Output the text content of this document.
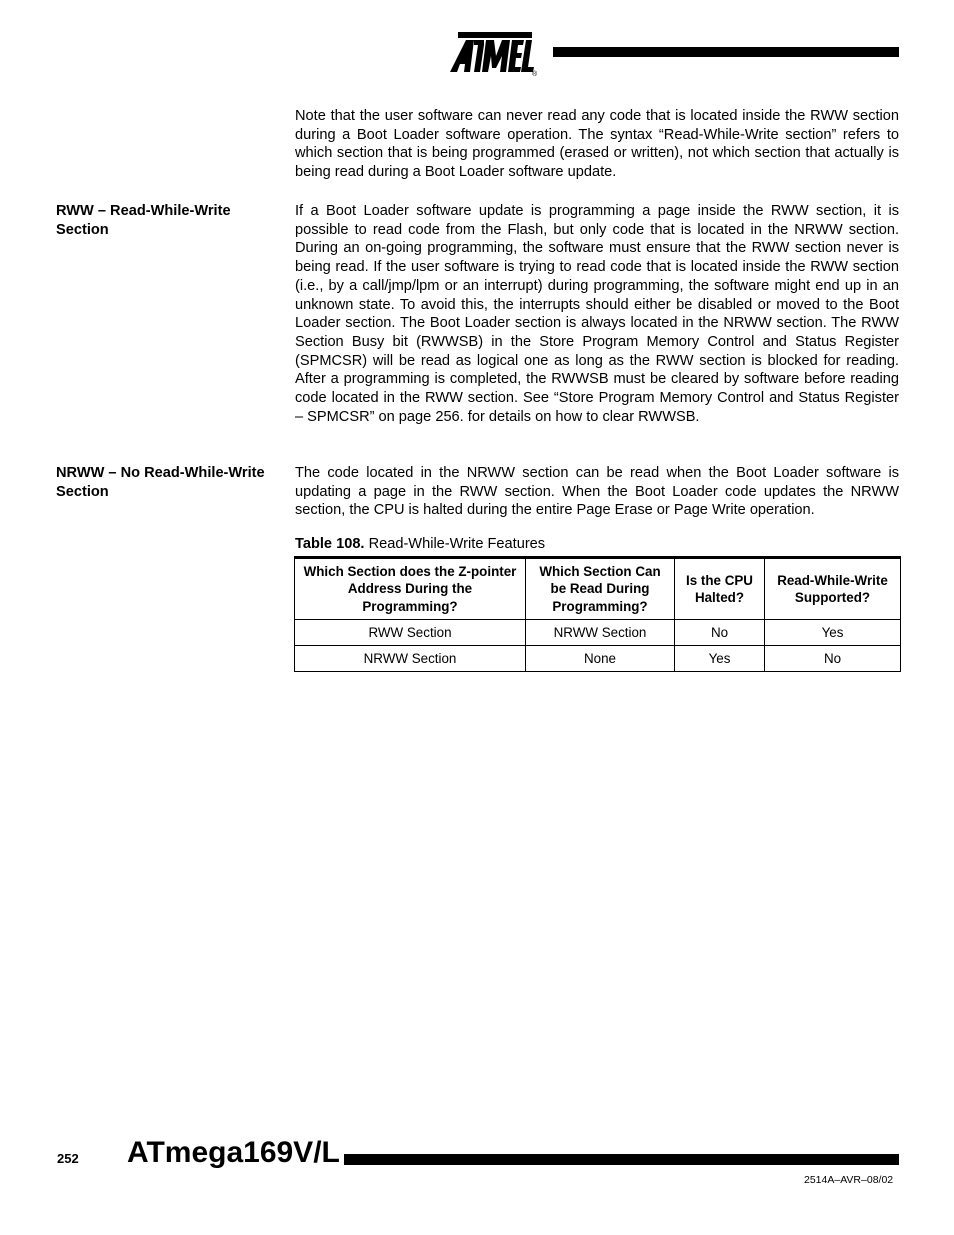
®
Note that the user software can never read any code that is located inside the RWW section during a Boot Loader software operation. The syntax “Read-While-Write section” refers to which section that is being programmed (erased or written), not which section that actually is being read during a Boot Loader software update.
RWW – Read-While-Write Section
If a Boot Loader software update is programming a page inside the RWW section, it is possible to read code from the Flash, but only code that is located in the NRWW section. During an on-going programming, the software must ensure that the RWW section never is being read. If the user software is trying to read code that is located inside the RWW section (i.e., by a call/jmp/lpm or an interrupt) during programming, the software might end up in an unknown state. To avoid this, the interrupts should either be disabled or moved to the Boot Loader section. The Boot Loader section is always located in the NRWW section. The RWW Section Busy bit (RWWSB) in the Store Program Memory Control and Status Register (SPMCSR) will be read as logical one as long as the RWW section is blocked for reading. After a programming is completed, the RWWSB must be cleared by software before reading code located in the RWW section. See “Store Program Memory Control and Status Register – SPMCSR” on page 256. for details on how to clear RWWSB.
NRWW – No Read-While-Write Section
The code located in the NRWW section can be read when the Boot Loader software is updating a page in the RWW section. When the Boot Loader code updates the NRWW section, the CPU is halted during the entire Page Erase or Page Write operation.
Table 108. Read-While-Write Features
Which Section does the Z-pointer Address During the Programming?	Which Section Can be Read During Programming?	Is the CPU Halted?	Read-While-Write Supported?
RWW Section	NRWW Section	No	Yes
NRWW Section	None	Yes	No
252 ATmega169V/L
2514A–AVR–08/02
